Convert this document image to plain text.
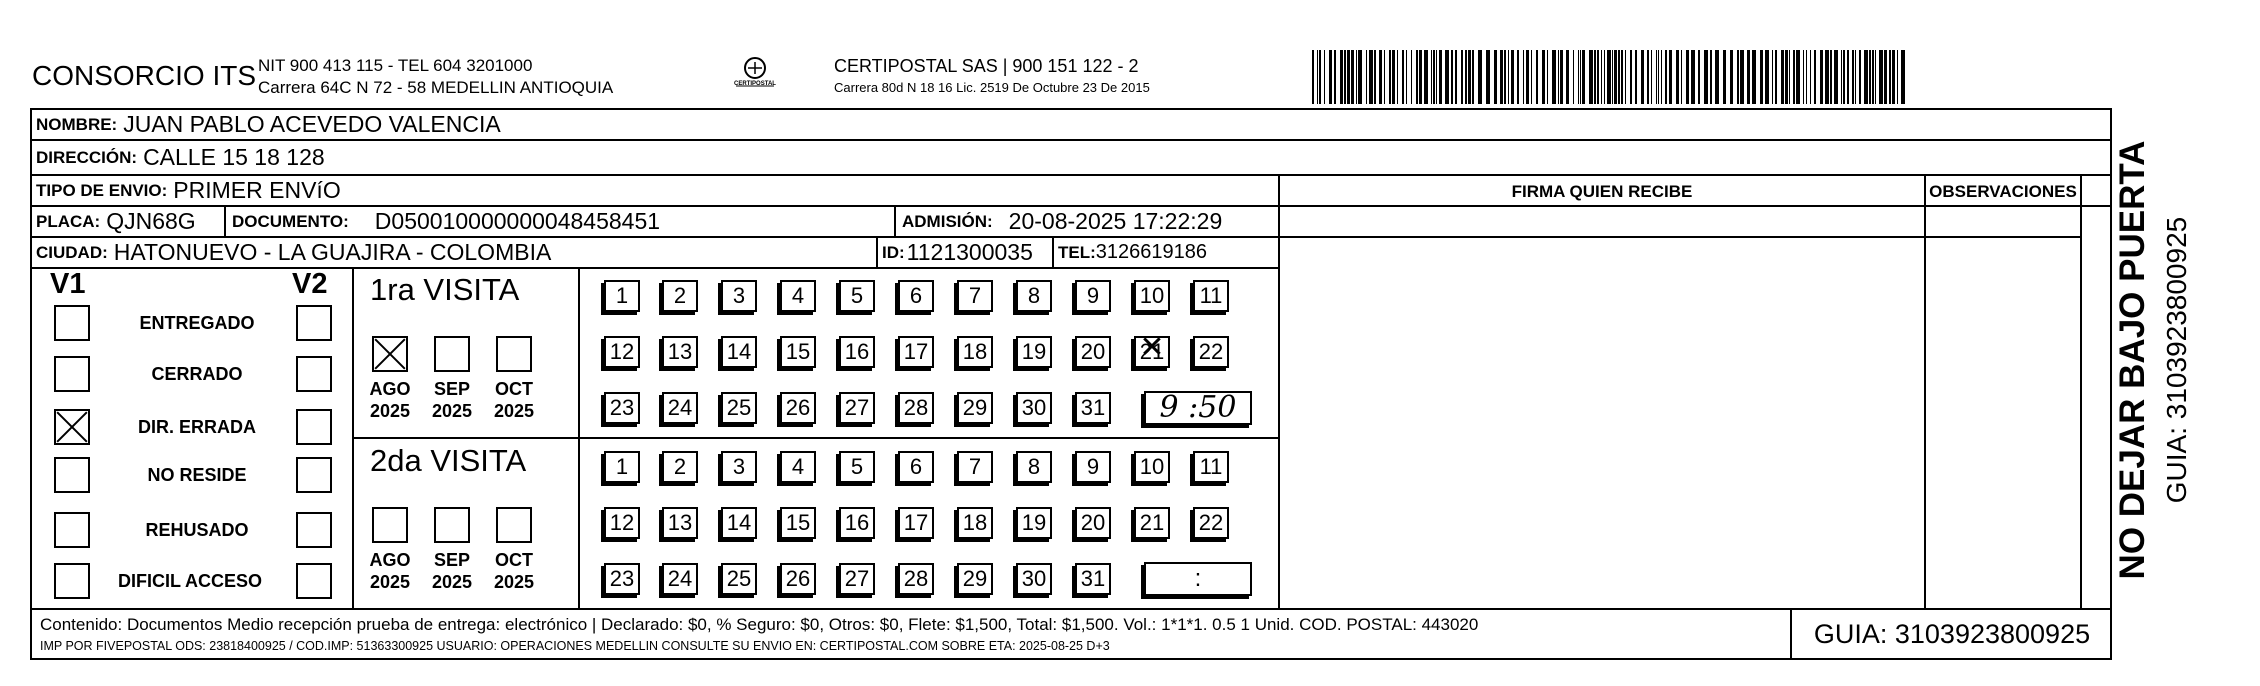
CONSORCIO ITS NIT 900 413 115 - TEL 604 3201000
Carrera 64C N 72 - 58 MEDELLIN ANTIOQUIA	CERTIPOSTAL
CERTIPOSTAL SAS | 900 151 122 - 2
Carrera 80d N 18 16 Lic. 2519 De Octubre 23 De 2015
NOMBRE: JUAN PABLO ACEVEDO VALENCIA
DIRECCIÓN: CALLE 15 18 128
TIPO DE ENVIO: PRIMER ENVíO
PLACA: QJN68G DOCUMENTO: D050010000000048458451	ADMISIÓN: 20-08-2025 17:22:29
CIUDAD: HATONUEVO - LA GUAJIRA - COLOMBIA	ID: 1121300035 TEL: 3126619186
FIRMA QUIEN RECIBE	OBSERVACIONES
V1	V2
ENTREGADO
CERRADO
DIR. ERRADA
NO RESIDE
REHUSADO
DIFICIL ACCESO
1ra VISITA
AGO
2025
SEP
2025
OCT
2025
1	2	3	4	5	6	7	8	9	10 11
12 13 14 15 16 17 18 19 20 21 ✕ 22
23 24 25 26 27 28 29 30 31	9 :50
2da VISITA
AGO
2025
SEP
2025
OCT
2025
1	2	3	4	5	6	7	8	9	10 11
12 13 14 15 16 17 18 19 20 21 22
23 24 25 26 27 28 29 30 31	:
Contenido: Documentos Medio recepción prueba de entrega: electrónico | Declarado: $0, % Seguro: $0, Otros: $0, Flete: $1,500, Total: $1,500. Vol.: 1*1*1. 0.5 1 Unid. COD. POSTAL: 443020
IMP POR FIVEPOSTAL ODS: 23818400925 / COD.IMP: 51363300925 USUARIO: OPERACIONES MEDELLIN CONSULTE SU ENVIO EN: CERTIPOSTAL.COM SOBRE ETA: 2025-08-25 D+3	GUIA: 3103923800925
NO DEJAR BAJO PUERTA GUIA: 3103923800925
